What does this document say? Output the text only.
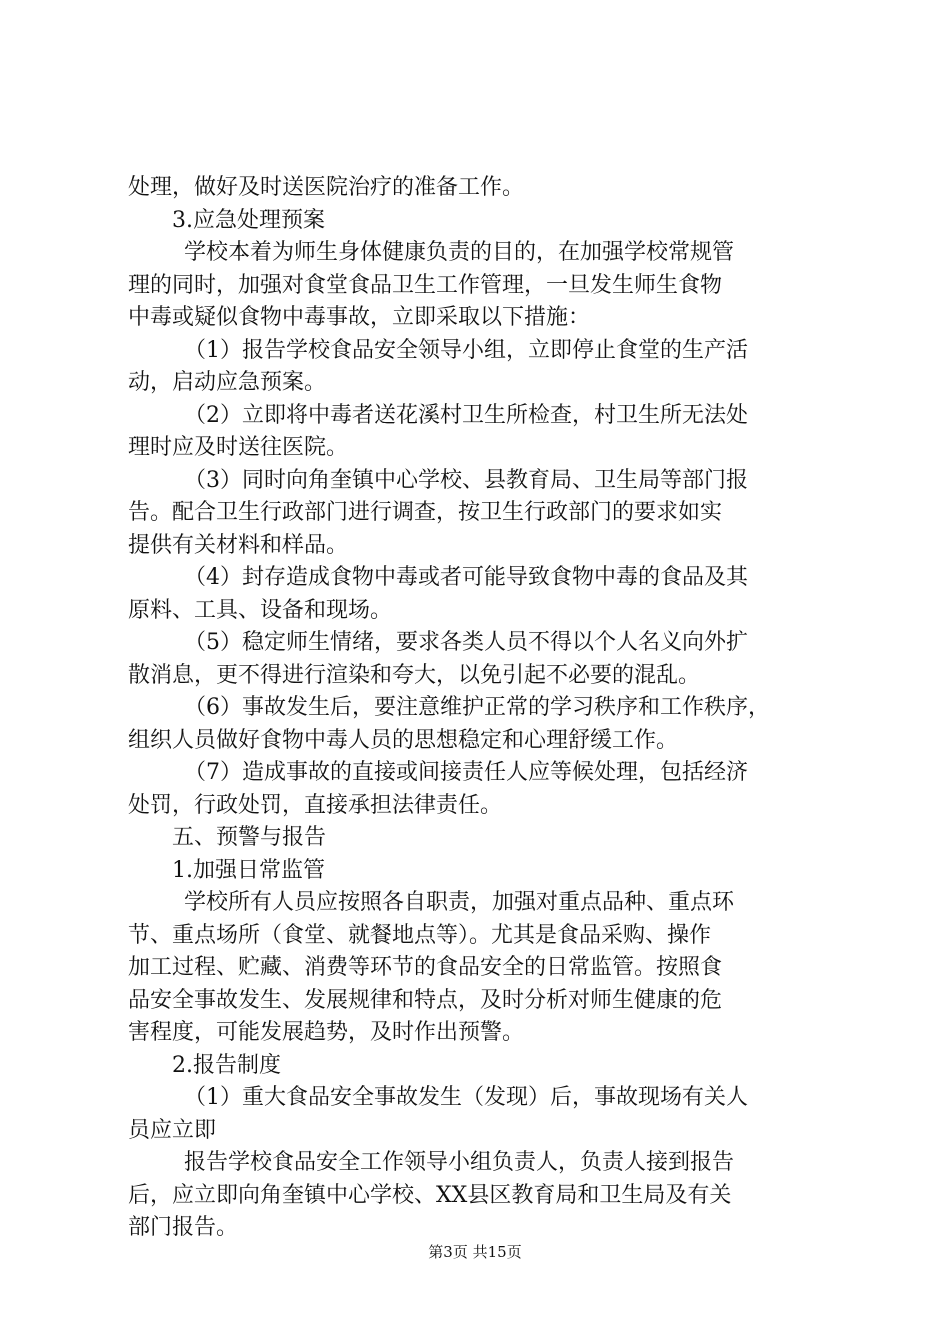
处理，做好及时送医院治疗的准备工作。
3.应急处理预案
学校本着为师生身体健康负责的目的，在加强学校常规管
理的同时，加强对食堂食品卫生工作管理，一旦发生师生食物
中毒或疑似食物中毒事故，立即采取以下措施：
（1）报告学校食品安全领导小组，立即停止食堂的生产活
动，启动应急预案。
（2）立即将中毒者送花溪村卫生所检查，村卫生所无法处
理时应及时送往医院。
（3）同时向角奎镇中心学校、县教育局、卫生局等部门报
告。配合卫生行政部门进行调查，按卫生行政部门的要求如实
提供有关材料和样品。
（4）封存造成食物中毒或者可能导致食物中毒的食品及其
原料、工具、设备和现场。
（5）稳定师生情绪，要求各类人员不得以个人名义向外扩
散消息，更不得进行渲染和夸大，以免引起不必要的混乱。
（6）事故发生后，要注意维护正常的学习秩序和工作秩序，
组织人员做好食物中毒人员的思想稳定和心理舒缓工作。
（7）造成事故的直接或间接责任人应等候处理，包括经济
处罚，行政处罚，直接承担法律责任。
五、预警与报告
1.加强日常监管
学校所有人员应按照各自职责，加强对重点品种、重点环
节、重点场所（食堂、就餐地点等）。尤其是食品采购、操作
加工过程、贮藏、消费等环节的食品安全的日常监管。按照食
品安全事故发生、发展规律和特点，及时分析对师生健康的危
害程度，可能发展趋势，及时作出预警。
2.报告制度
（1）重大食品安全事故发生（发现）后，事故现场有关人
员应立即
报告学校食品安全工作领导小组负责人，负责人接到报告
后，应立即向角奎镇中心学校、XX县区教育局和卫生局及有关
部门报告。
第3页 共15页
